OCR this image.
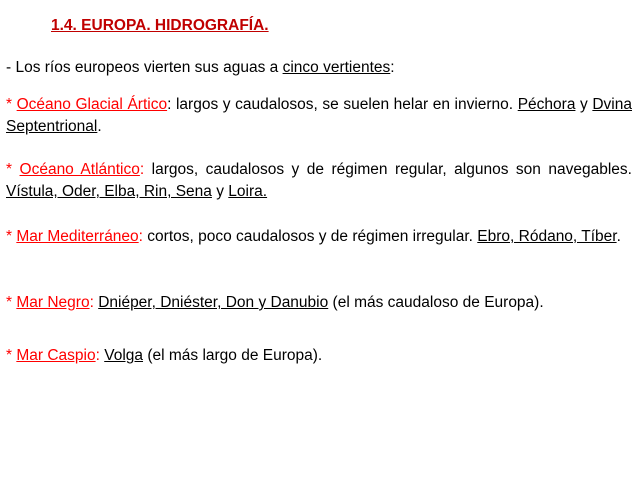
1.4. EUROPA. HIDROGRAFÍA.
- Los ríos europeos vierten sus aguas a cinco vertientes:
* Océano Glacial Ártico: largos y caudalosos, se suelen helar en invierno. Péchora y Dvina Septentrional.
* Océano Atlántico: largos, caudalosos y de régimen regular, algunos son navegables. Vístula, Oder, Elba, Rin, Sena y Loira.
* Mar Mediterráneo: cortos, poco caudalosos y de régimen irregular. Ebro, Ródano, Tíber.
* Mar Negro: Dniéper, Dniéster, Don y Danubio (el más caudaloso de Europa).
* Mar Caspio: Volga (el más largo de Europa).
